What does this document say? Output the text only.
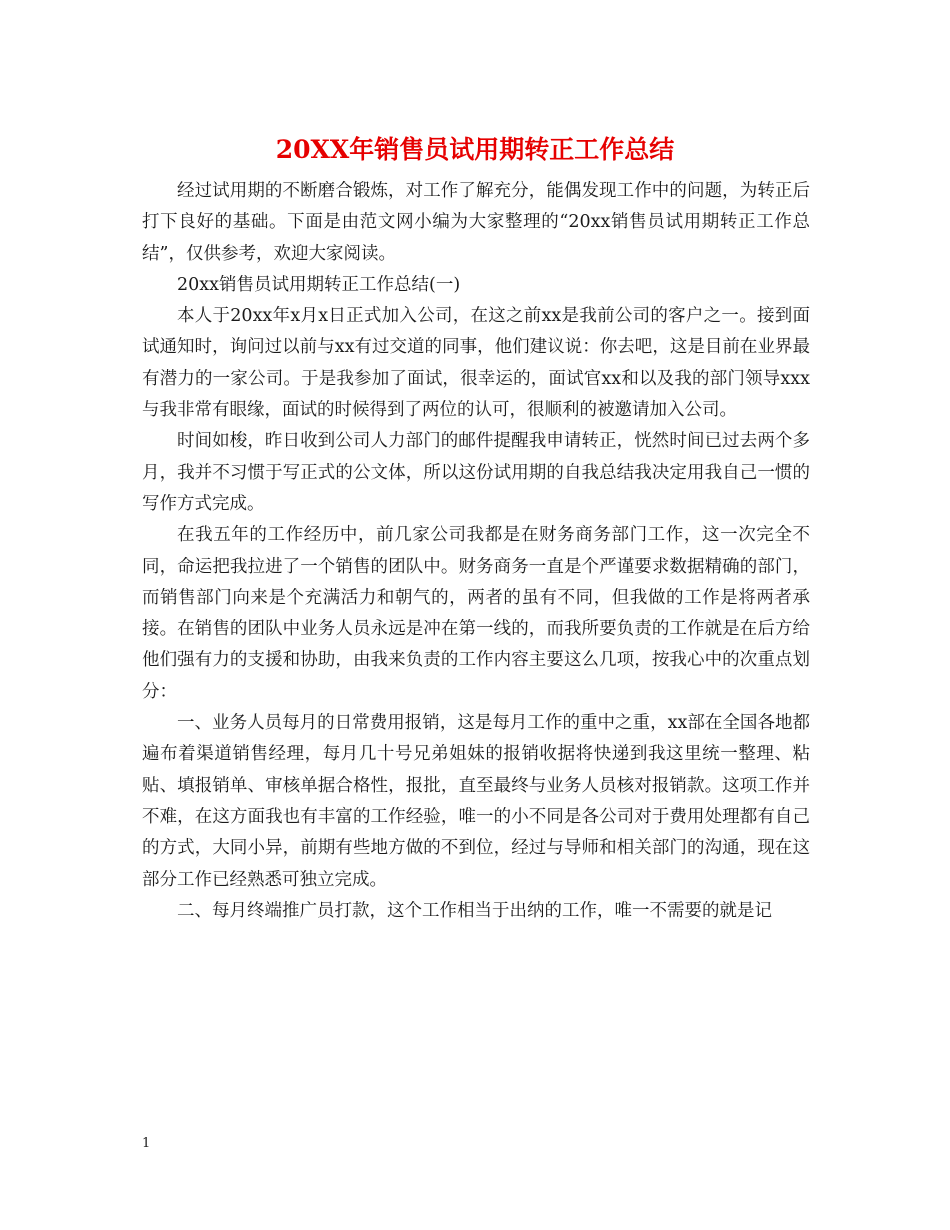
20XX年销售员试用期转正工作总结

经过试用期的不断磨合锻炼，对工作了解充分，能偶发现工作中的问题，为转正后打下良好的基础。下面是由范文网小编为大家整理的“20xx销售员试用期转正工作总结”，仅供参考，欢迎大家阅读。

20xx销售员试用期转正工作总结(一)

本人于20xx年x月x日正式加入公司，在这之前xx是我前公司的客户之一。接到面试通知时，询问过以前与xx有过交道的同事，他们建议说：你去吧，这是目前在业界最有潜力的一家公司。于是我参加了面试，很幸运的，面试官xx和以及我的部门领导xxx与我非常有眼缘，面试的时候得到了两位的认可，很顺利的被邀请加入公司。

时间如梭，昨日收到公司人力部门的邮件提醒我申请转正，恍然时间已过去两个多月，我并不习惯于写正式的公文体，所以这份试用期的自我总结我决定用我自己一惯的写作方式完成。

在我五年的工作经历中，前几家公司我都是在财务商务部门工作，这一次完全不同，命运把我拉进了一个销售的团队中。财务商务一直是个严谨要求数据精确的部门，而销售部门向来是个充满活力和朝气的，两者的虽有不同，但我做的工作是将两者承接。在销售的团队中业务人员永远是冲在第一线的，而我所要负责的工作就是在后方给他们强有力的支援和协助，由我来负责的工作内容主要这么几项，按我心中的次重点划分：

一、业务人员每月的日常费用报销，这是每月工作的重中之重，xx部在全国各地都遍布着渠道销售经理，每月几十号兄弟姐妹的报销收据将快递到我这里统一整理、粘贴、填报销单、审核单据合格性，报批，直至最终与业务人员核对报销款。这项工作并不难，在这方面我也有丰富的工作经验，唯一的小不同是各公司对于费用处理都有自己的方式，大同小异，前期有些地方做的不到位，经过与导师和相关部门的沟通，现在这部分工作已经熟悉可独立完成。

二、每月终端推广员打款，这个工作相当于出纳的工作，唯一不需要的就是记

1
